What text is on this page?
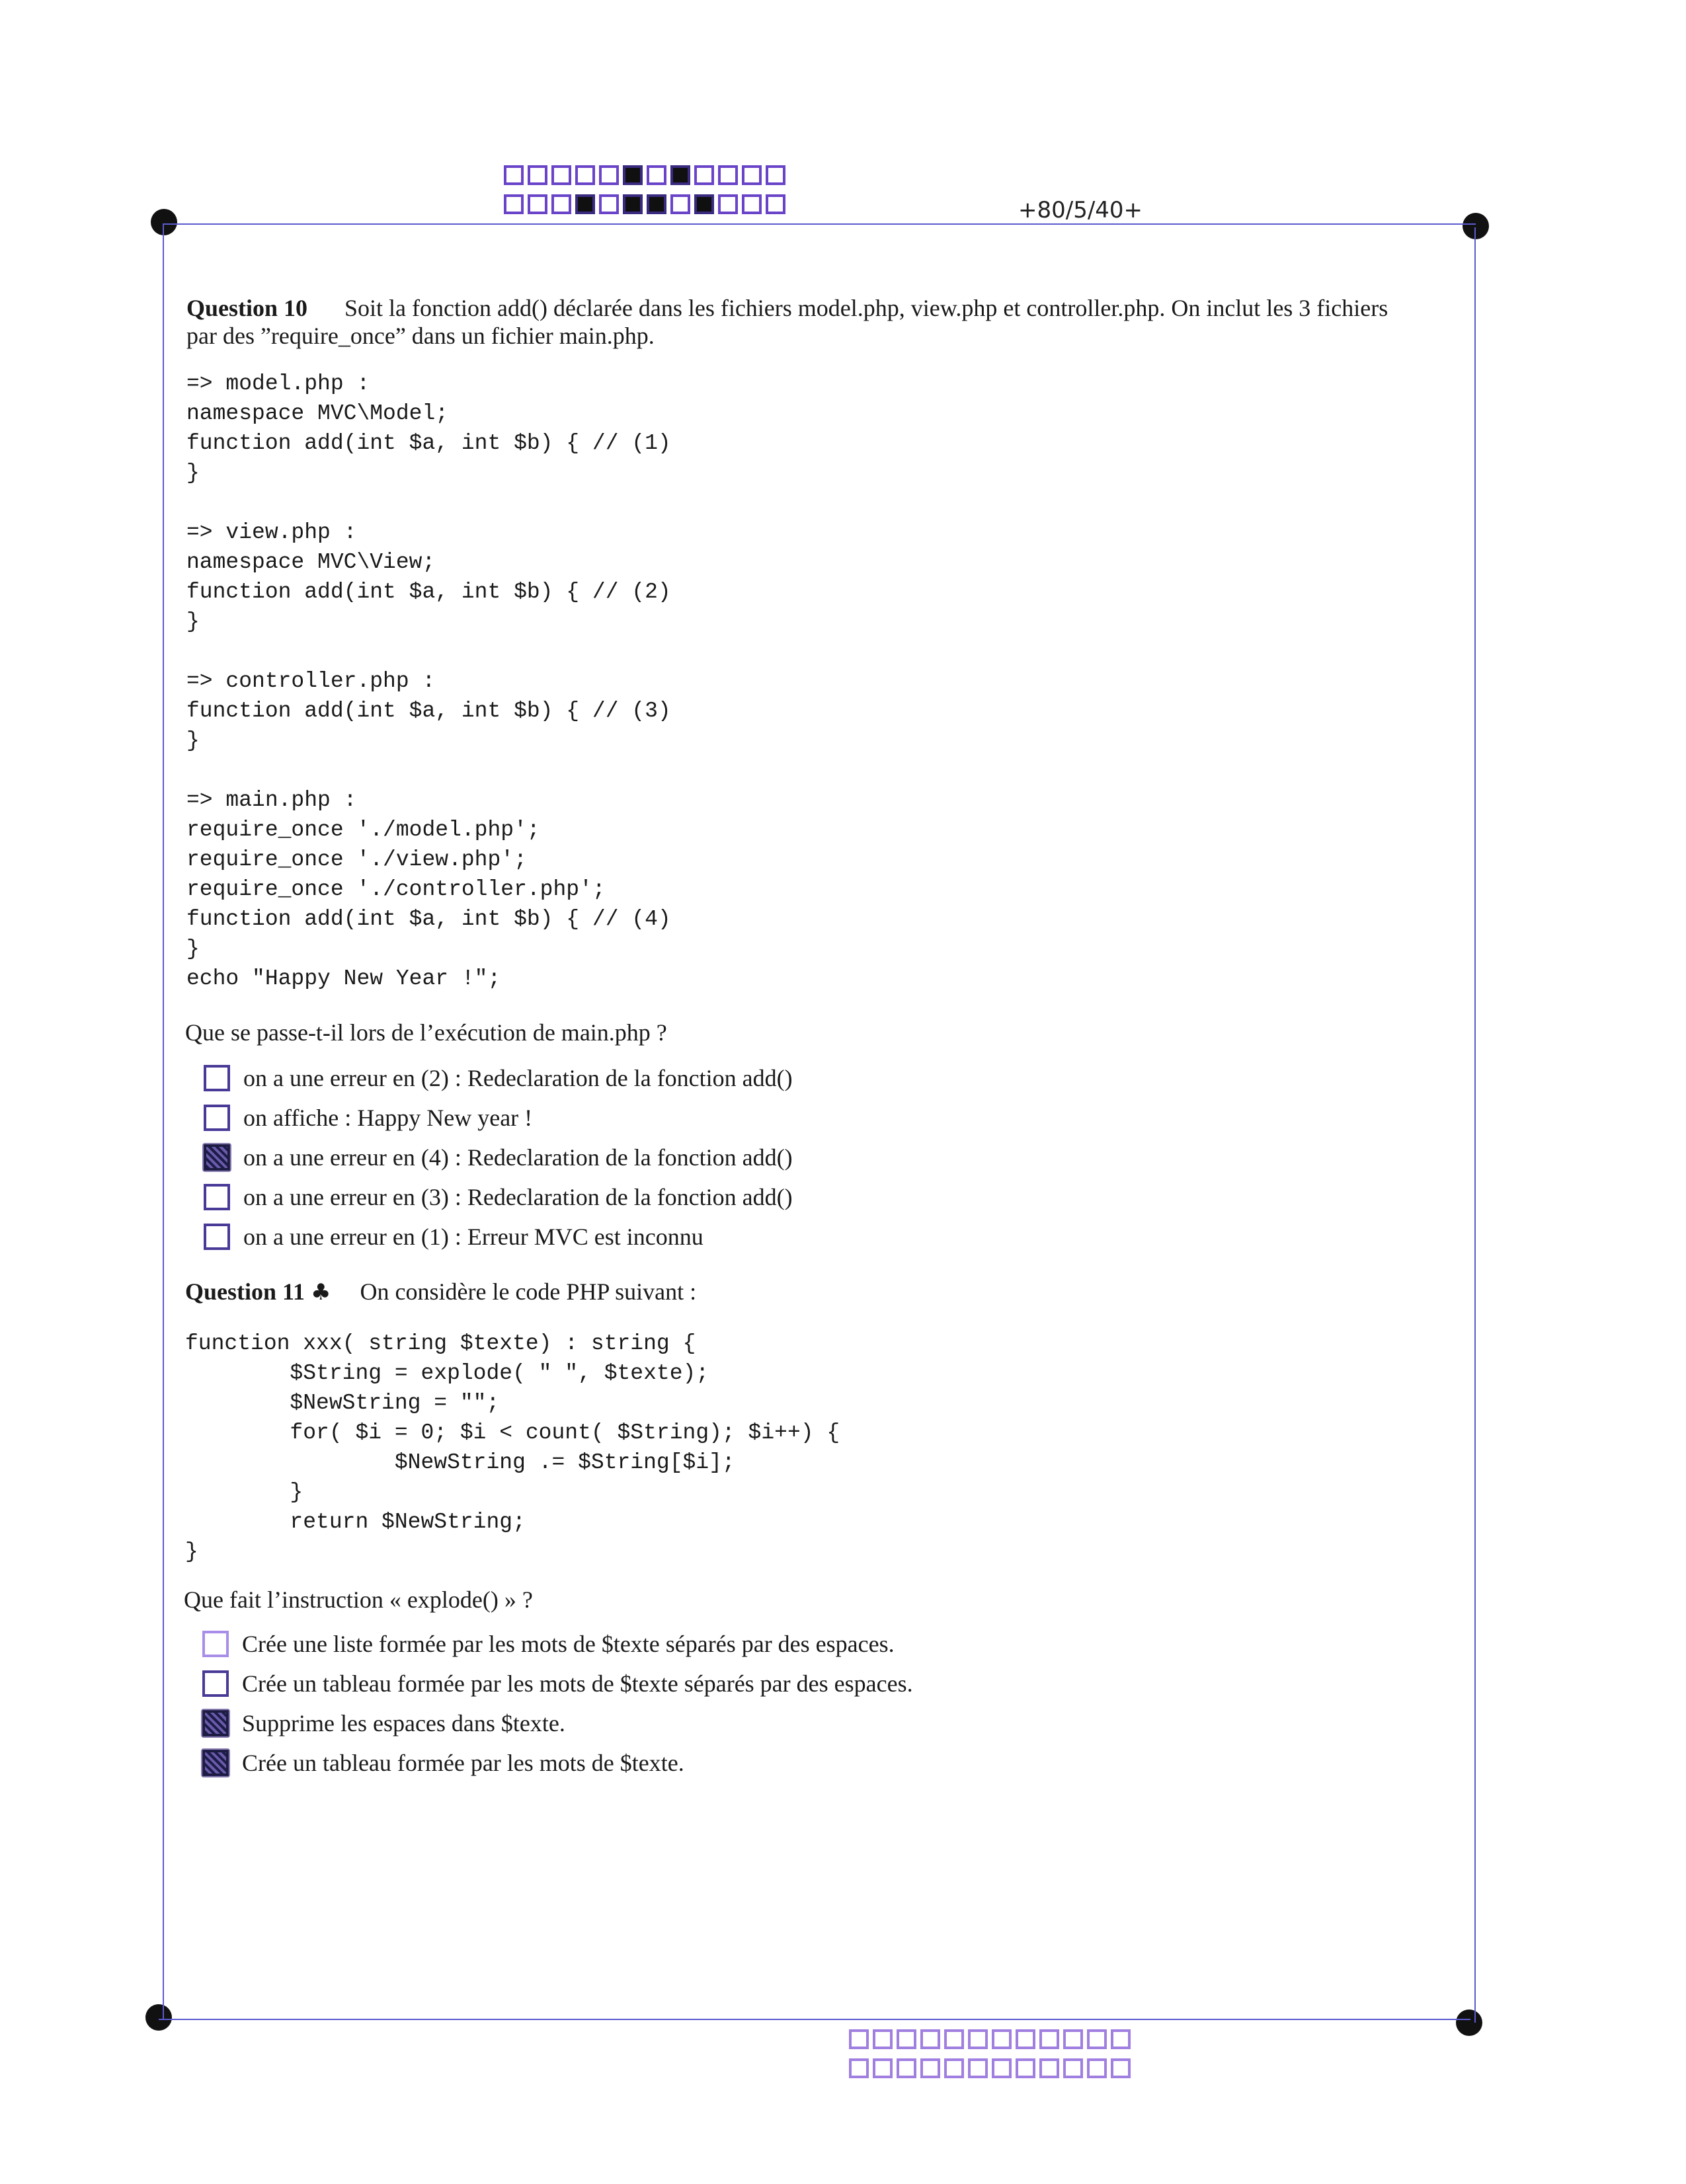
+80/5/40+
Question 10 Soit la fonction add() déclarée dans les fichiers model.php, view.php et controller.php. On inclut les 3 fichiers
par des ”require_once” dans un fichier main.php.
=> model.php :
namespace MVC\Model;
function add(int $a, int $b) { // (1)
}

=> view.php :
namespace MVC\View;
function add(int $a, int $b) { // (2)
}

=> controller.php :
function add(int $a, int $b) { // (3)
}

=> main.php :
require_once './model.php';
require_once './view.php';
require_once './controller.php';
function add(int $a, int $b) { // (4)
}
echo "Happy New Year !";
Que se passe-t-il lors de l’exécution de main.php ?
on a une erreur en (2) : Redeclaration de la fonction add()
on affiche : Happy New year !
on a une erreur en (4) : Redeclaration de la fonction add()
on a une erreur en (3) : Redeclaration de la fonction add()
on a une erreur en (1) : Erreur MVC est inconnu
Question 11 ♣ On considère le code PHP suivant :
function xxx( string $texte) : string {
$String = explode( " ", $texte);
$NewString = "";
for( $i = 0; $i < count( $String); $i++) {
$NewString .= $String[$i];
}
return $NewString;
}
Que fait l’instruction « explode() » ?
Crée une liste formée par les mots de $texte séparés par des espaces.
Crée un tableau formée par les mots de $texte séparés par des espaces.
Supprime les espaces dans $texte.
Crée un tableau formée par les mots de $texte.
